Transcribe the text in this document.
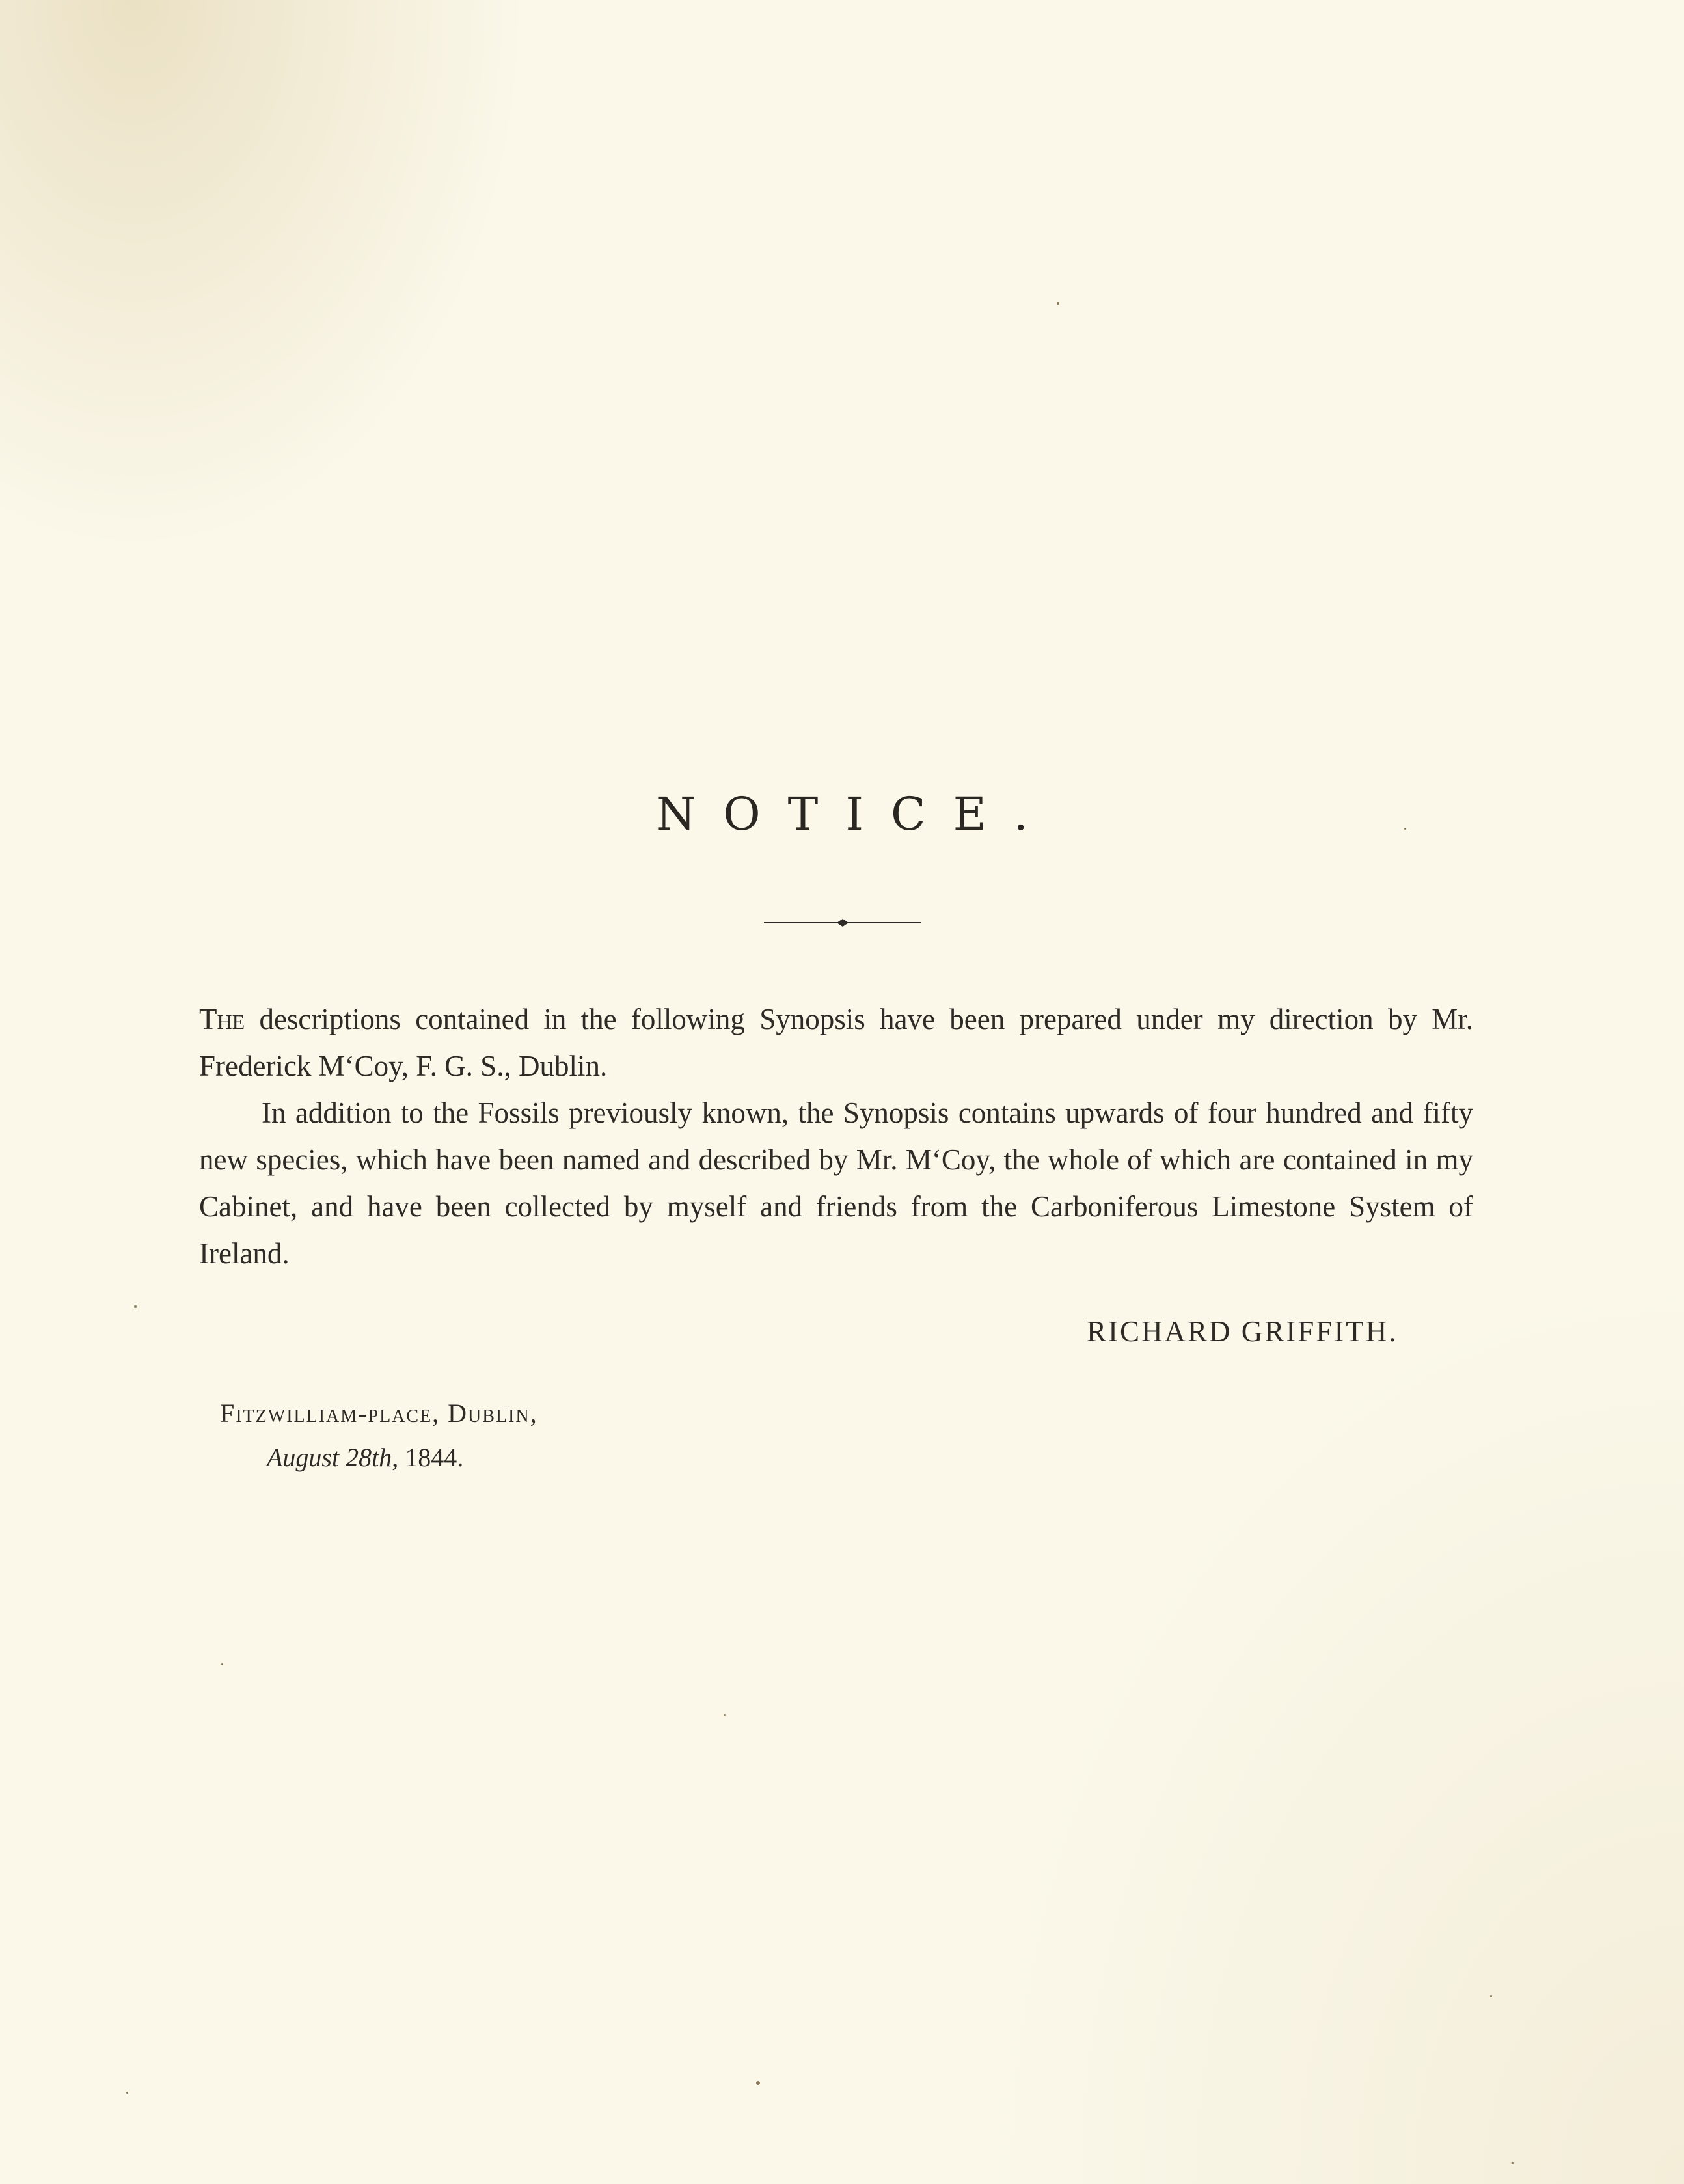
NOTICE.

The descriptions contained in the following Synopsis have been prepared under my direction by Mr. Frederick M‘Coy, F. G. S., Dublin.

In addition to the Fossils previously known, the Synopsis contains upwards of four hundred and fifty new species, which have been named and described by Mr. M‘Coy, the whole of which are contained in my Cabinet, and have been collected by myself and friends from the Carboniferous Limestone System of Ireland.

RICHARD GRIFFITH.
Fitzwilliam-place, Dublin,
August 28th, 1844.
